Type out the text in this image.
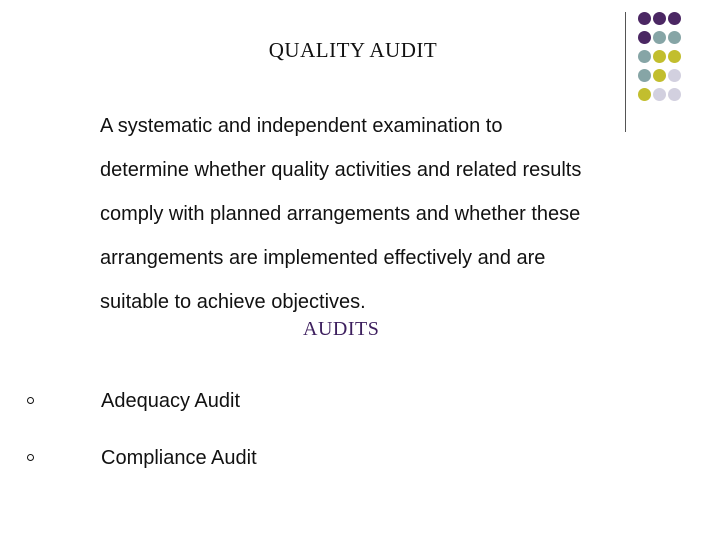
QUALITY AUDIT
A systematic and independent examination to
determine whether quality activities and related results
comply with planned arrangements and whether these
arrangements are implemented effectively and are
suitable to achieve objectives.
AUDITS
Adequacy Audit
Compliance Audit
